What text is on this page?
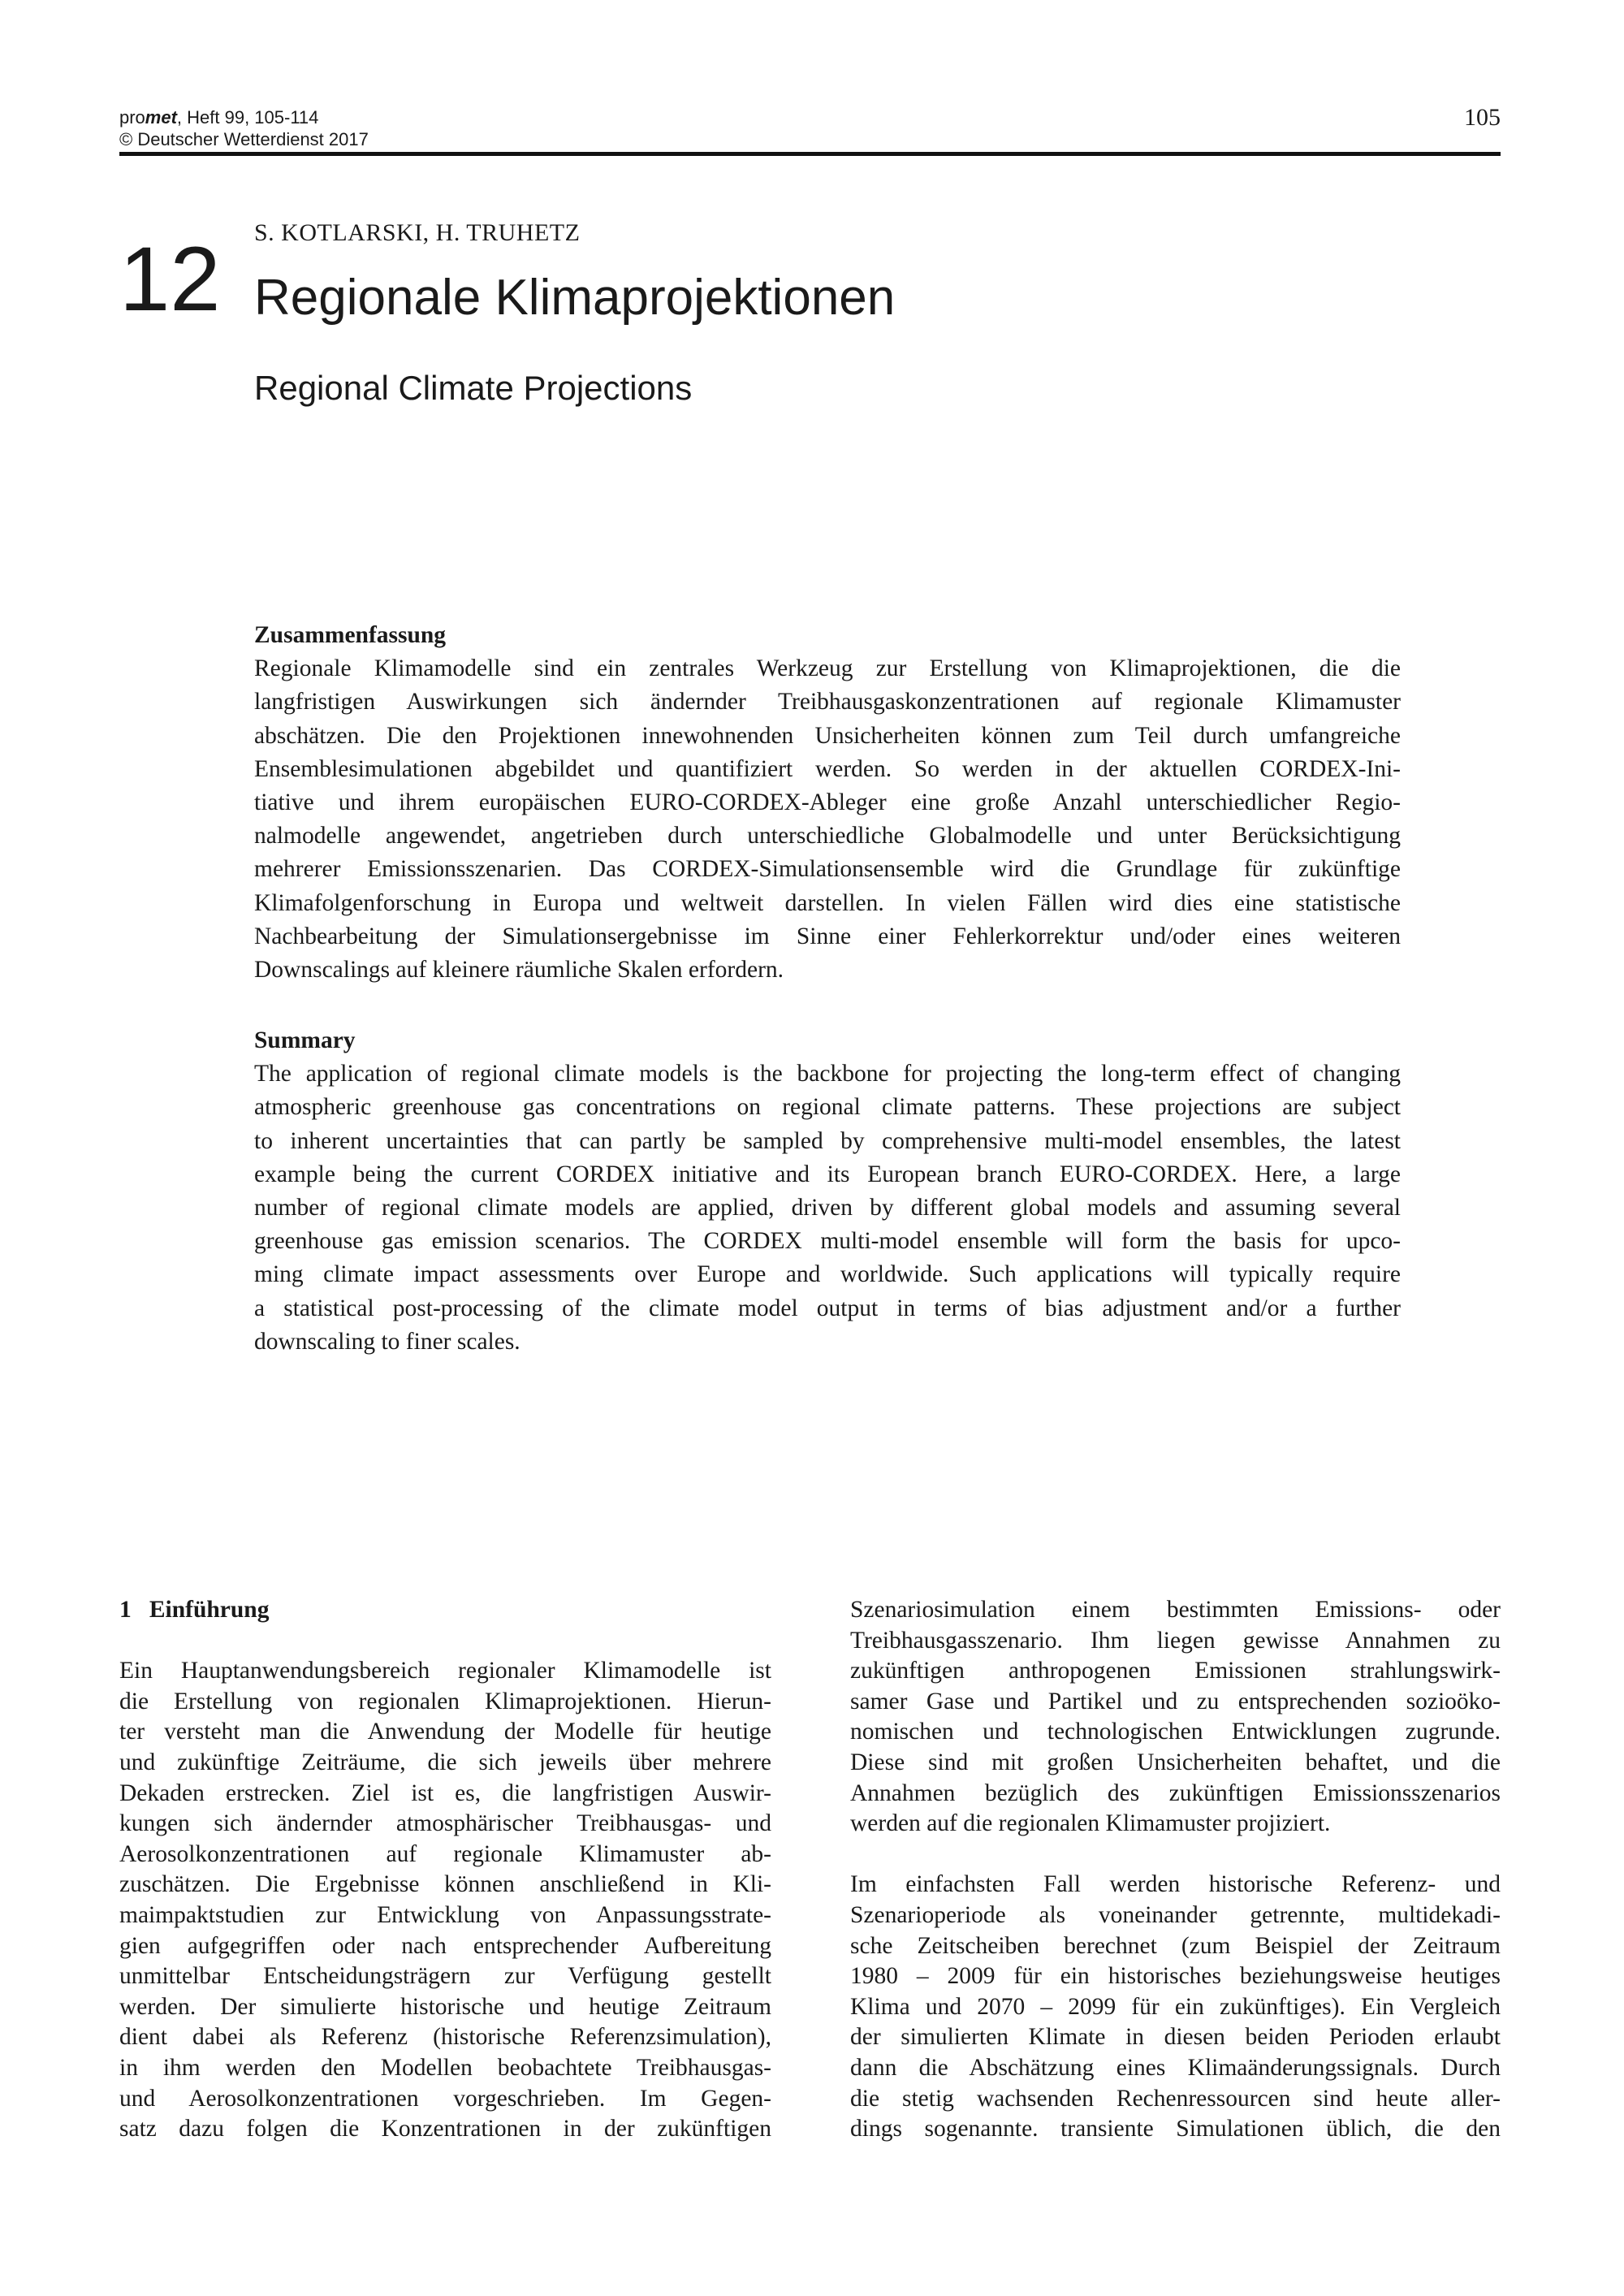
promet, Heft 99, 105-114
© Deutscher Wetterdienst 2017
105
S. KOTLARSKI, H. TRUHETZ
12 Regionale Klimaprojektionen
Regional Climate Projections
Zusammenfassung
Regionale Klimamodelle sind ein zentrales Werkzeug zur Erstellung von Klimaprojektionen, die die
langfristigen Auswirkungen sich ändernder Treibhausgaskonzentrationen auf regionale Klimamuster
abschätzen. Die den Projektionen innewohnenden Unsicherheiten können zum Teil durch umfangreiche
Ensemblesimulationen abgebildet und quantifiziert werden. So werden in der aktuellen CORDEX-Ini-
tiative und ihrem europäischen EURO-CORDEX-Ableger eine große Anzahl unterschiedlicher Regio-
nalmodelle angewendet, angetrieben durch unterschiedliche Globalmodelle und unter Berücksichtigung
mehrerer Emissionsszenarien. Das CORDEX-Simulationsensemble wird die Grundlage für zukünftige
Klimafolgenforschung in Europa und weltweit darstellen. In vielen Fällen wird dies eine statistische
Nachbearbeitung der Simulationsergebnisse im Sinne einer Fehlerkorrektur und/oder eines weiteren
Downscalings auf kleinere räumliche Skalen erfordern.
Summary
The application of regional climate models is the backbone for projecting the long-term effect of changing
atmospheric greenhouse gas concentrations on regional climate patterns. These projections are subject
to inherent uncertainties that can partly be sampled by comprehensive multi-model ensembles, the latest
example being the current CORDEX initiative and its European branch EURO-CORDEX. Here, a large
number of regional climate models are applied, driven by different global models and assuming several
greenhouse gas emission scenarios. The CORDEX multi-model ensemble will form the basis for upco-
ming climate impact assessments over Europe and worldwide. Such applications will typically require
a statistical post-processing of the climate model output in terms of bias adjustment and/or a further
downscaling to finer scales.
1   Einführung
Ein Hauptanwendungsbereich regionaler Klimamodelle ist
die Erstellung von regionalen Klimaprojektionen. Hierun-
ter versteht man die Anwendung der Modelle für heutige
und zukünftige Zeiträume, die sich jeweils über mehrere
Dekaden erstrecken. Ziel ist es, die langfristigen Auswir-
kungen sich ändernder atmosphärischer Treibhausgas- und
Aerosolkonzentrationen auf regionale Klimamuster ab-
zuschätzen. Die Ergebnisse können anschließend in Kli-
maimpaktstudien zur Entwicklung von Anpassungsstrate-
gien aufgegriffen oder nach entsprechender Aufbereitung
unmittelbar Entscheidungsträgern zur Verfügung gestellt
werden. Der simulierte historische und heutige Zeitraum
dient dabei als Referenz (historische Referenzsimulation),
in ihm werden den Modellen beobachtete Treibhausgas-
und Aerosolkonzentrationen vorgeschrieben. Im Gegen-
satz dazu folgen die Konzentrationen in der zukünftigen
Szenariosimulation einem bestimmten Emissions- oder
Treibhausgasszenario. Ihm liegen gewisse Annahmen zu
zukünftigen anthropogenen Emissionen strahlungswirk-
samer Gase und Partikel und zu entsprechenden sozioöko-
nomischen und technologischen Entwicklungen zugrunde.
Diese sind mit großen Unsicherheiten behaftet, und die
Annahmen bezüglich des zukünftigen Emissionsszenarios
werden auf die regionalen Klimamuster projiziert.
Im einfachsten Fall werden historische Referenz- und
Szenarioperiode als voneinander getrennte, multidekadi-
sche Zeitscheiben berechnet (zum Beispiel der Zeitraum
1980 – 2009 für ein historisches beziehungsweise heutiges
Klima und 2070 – 2099 für ein zukünftiges). Ein Vergleich
der simulierten Klimate in diesen beiden Perioden erlaubt
dann die Abschätzung eines Klimaänderungssignals. Durch
die stetig wachsenden Rechenressourcen sind heute aller-
dings sogenannte. transiente Simulationen üblich, die den
